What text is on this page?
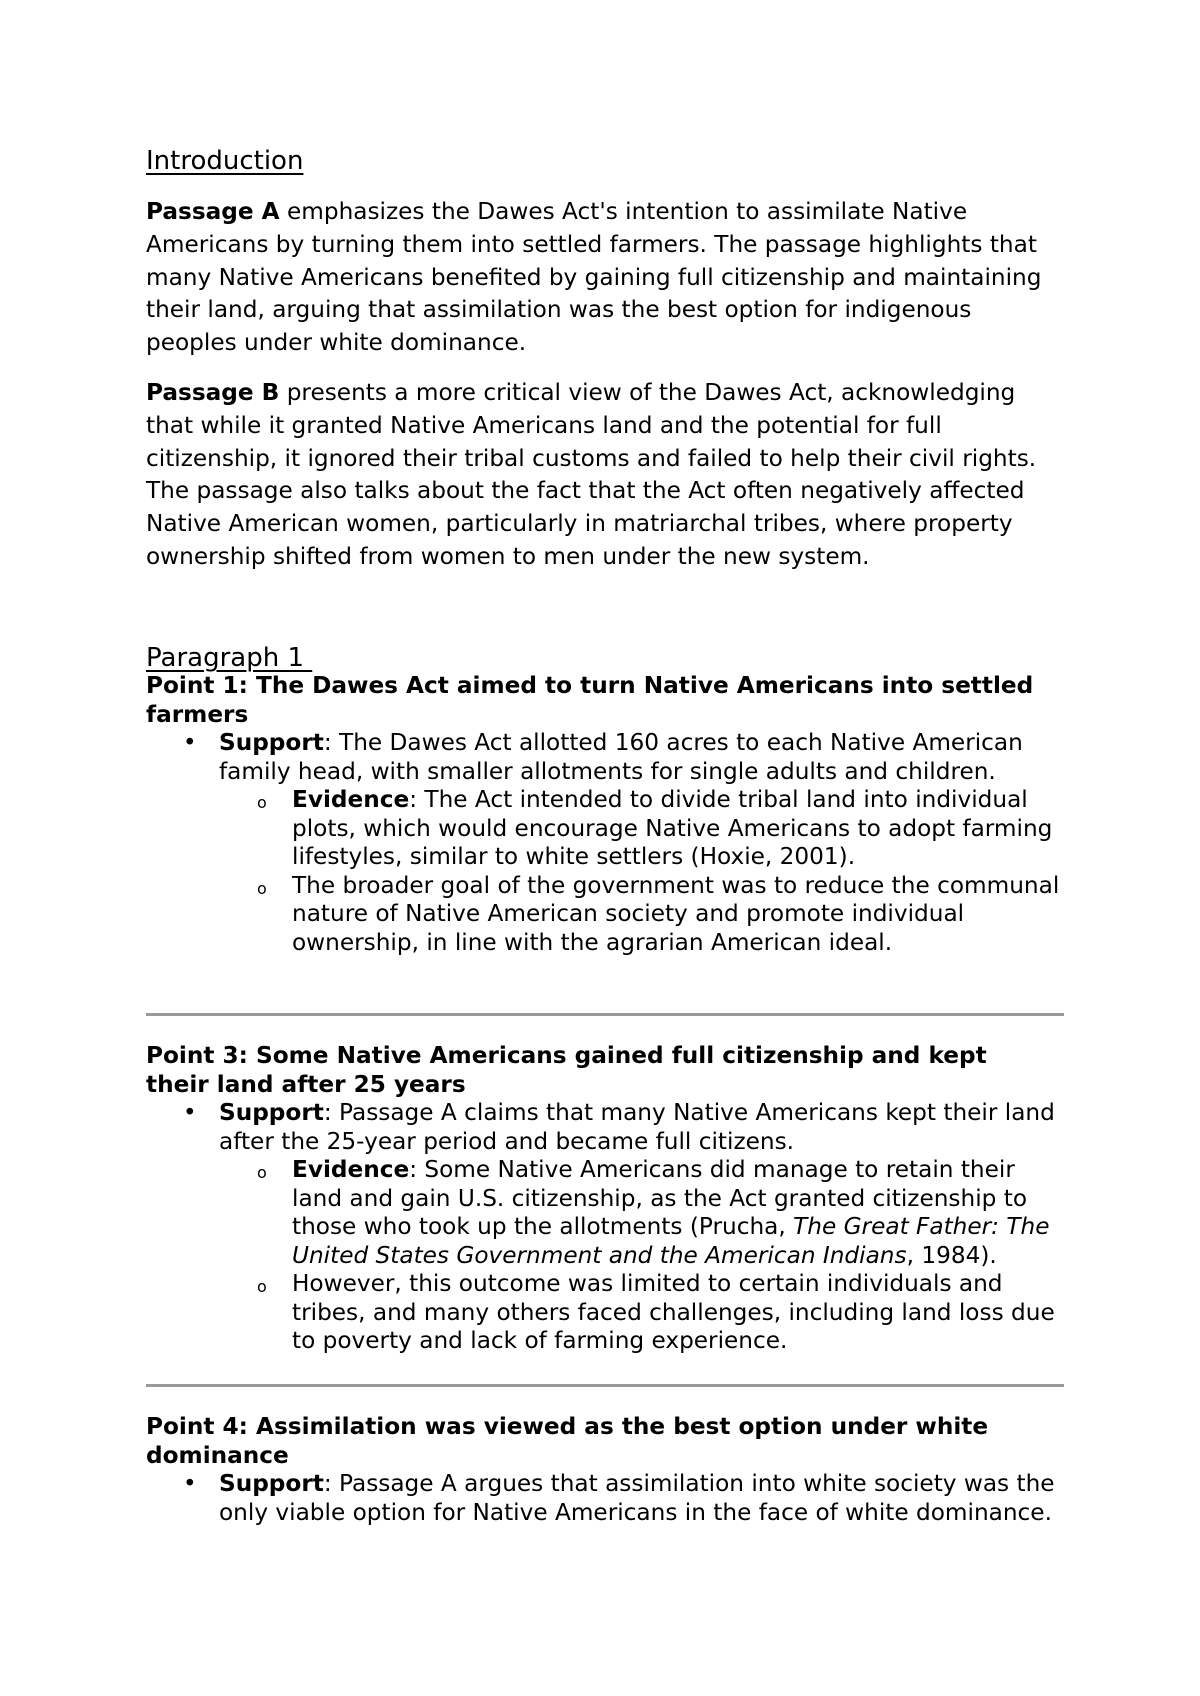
Introduction

Passage A emphasizes the Dawes Act's intention to assimilate Native Americans by turning them into settled farmers. The passage highlights that many Native Americans benefited by gaining full citizenship and maintaining their land, arguing that assimilation was the best option for indigenous peoples under white dominance.

Passage B presents a more critical view of the Dawes Act, acknowledging that while it granted Native Americans land and the potential for full citizenship, it ignored their tribal customs and failed to help their civil rights. The passage also talks about the fact that the Act often negatively affected Native American women, particularly in matriarchal tribes, where property ownership shifted from women to men under the new system.

Paragraph 1

Point 1: The Dawes Act aimed to turn Native Americans into settled farmers

• Support: The Dawes Act allotted 160 acres to each Native American family head, with smaller allotments for single adults and children.
o Evidence: The Act intended to divide tribal land into individual plots, which would encourage Native Americans to adopt farming lifestyles, similar to white settlers (Hoxie, 2001).
o The broader goal of the government was to reduce the communal nature of Native American society and promote individual ownership, in line with the agrarian American ideal.

Point 3: Some Native Americans gained full citizenship and kept their land after 25 years

• Support: Passage A claims that many Native Americans kept their land after the 25-year period and became full citizens.
o Evidence: Some Native Americans did manage to retain their land and gain U.S. citizenship, as the Act granted citizenship to those who took up the allotments (Prucha, The Great Father: The United States Government and the American Indians, 1984).
o However, this outcome was limited to certain individuals and tribes, and many others faced challenges, including land loss due to poverty and lack of farming experience.

Point 4: Assimilation was viewed as the best option under white dominance

• Support: Passage A argues that assimilation into white society was the only viable option for Native Americans in the face of white dominance.
